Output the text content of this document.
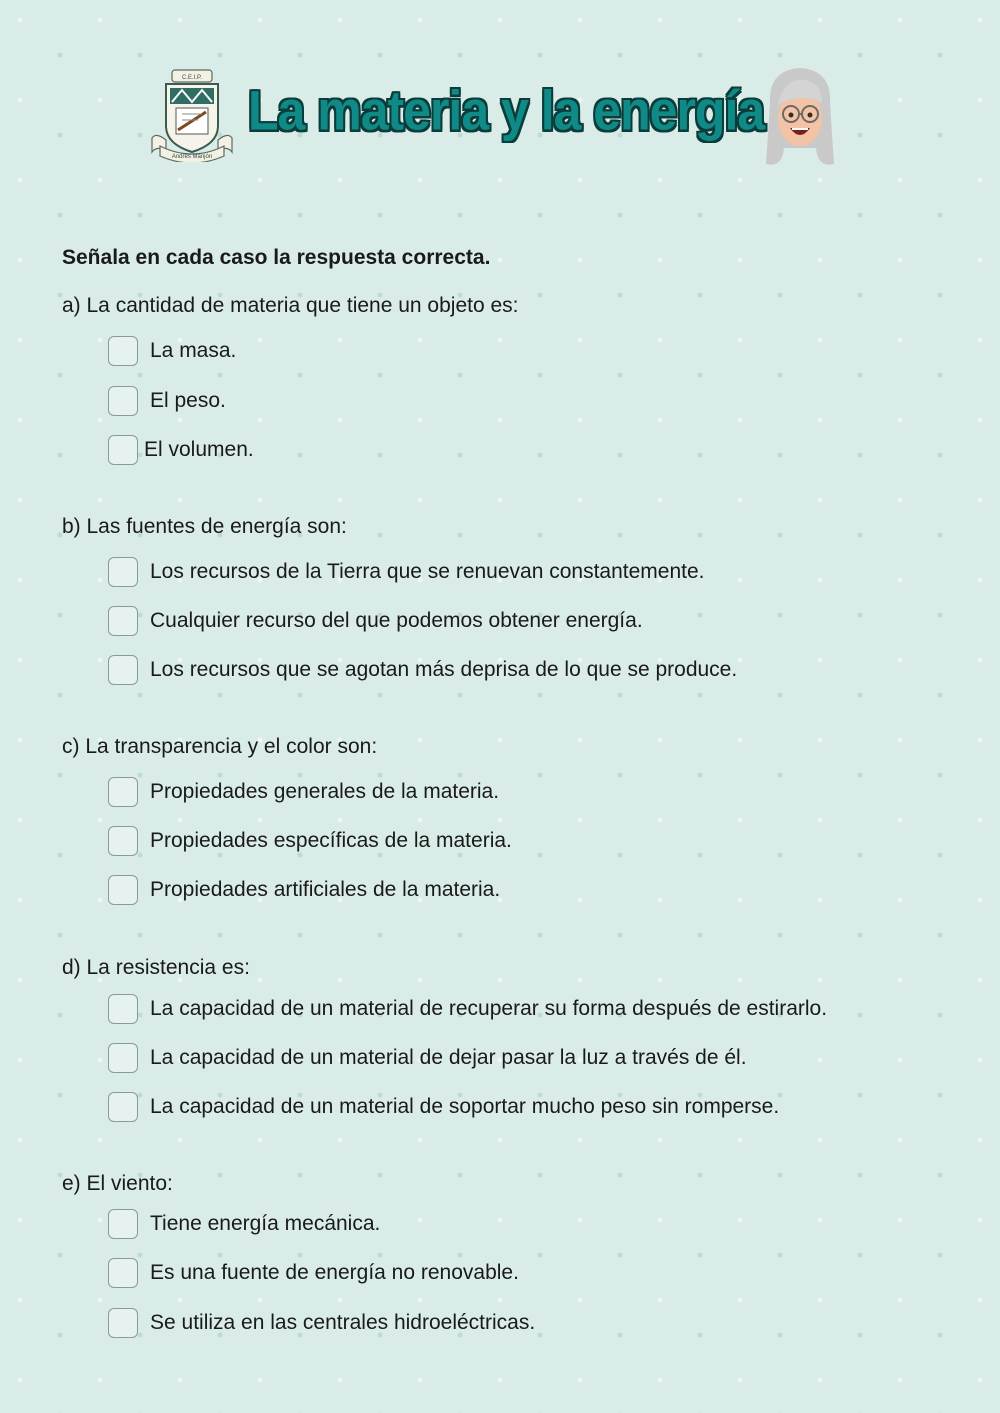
C.E.I.P.
Andrés Manjón
La materia y la energía
Señala en cada caso la respuesta correcta.
a) La cantidad de materia que tiene un objeto es:
La masa.
El peso.
El volumen.
b) Las fuentes de energía son:
Los recursos de la Tierra que se renuevan constantemente.
Cualquier recurso del que podemos obtener energía.
Los recursos que se agotan más deprisa de lo que se produce.
c) La transparencia y el color son:
Propiedades generales de la materia.
Propiedades específicas de la materia.
Propiedades artificiales de la materia.
d) La resistencia es:
La capacidad de un material de recuperar su forma después de estirarlo.
La capacidad de un material de dejar pasar la luz a través de él.
La capacidad de un material de soportar mucho peso sin romperse.
e) El viento:
Tiene energía mecánica.
Es una fuente de energía no renovable.
Se utiliza en las centrales hidroeléctricas.
